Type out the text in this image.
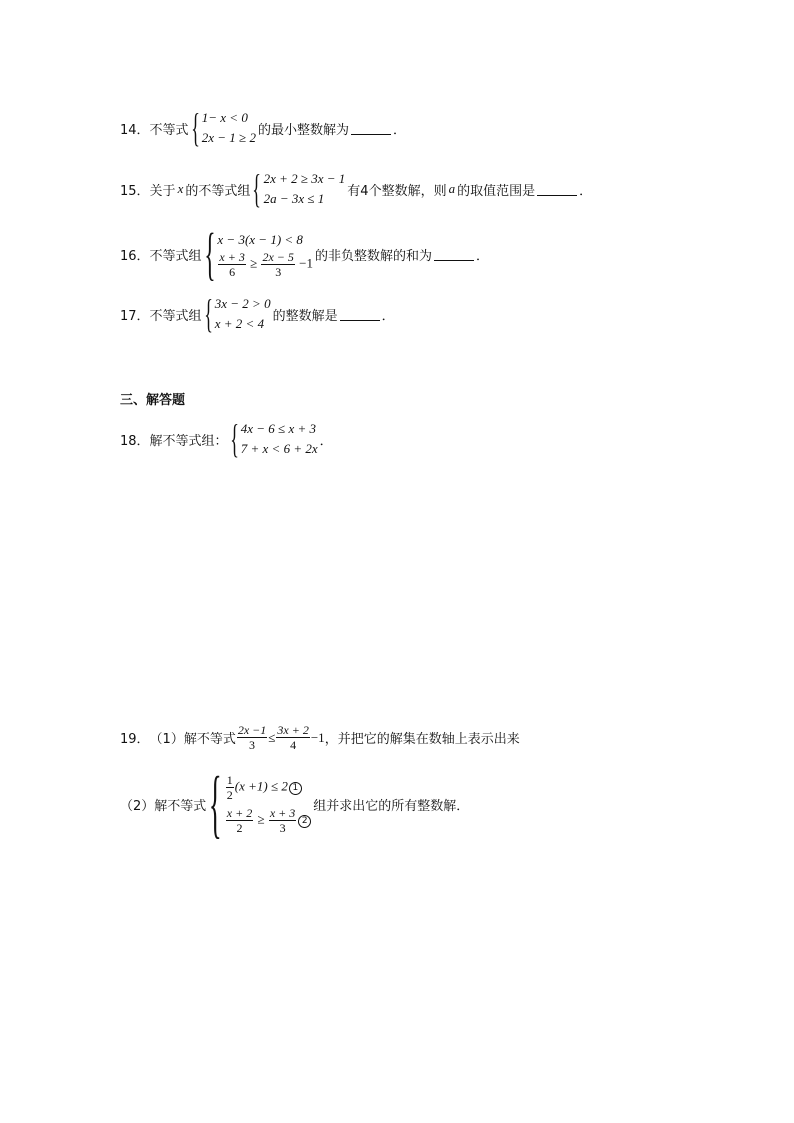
14． 不等式 { 1− x < 0
2x − 1 ≥ 2 的最小整数解为	．
15． 关于 x 的不等式组 { 2x + 2 ≥ 3x − 1
2a − 3x ≤ 1	有4个整数解，则 a 的取值范围是	．
16． 不等式组 { x − 3(x − 1) < 8
$\frac{x + 3}{6} \ge \frac{2x - 5}{3} -1$ 的非负整数解的和为	．
17． 不等式组 { 3x − 2 > 0
x + 2 < 4 的整数解是	．
三、解答题
18． 解不等式组： { 4x − 6 ≤ x + 3
7 + x < 6 + 2x ．
19． （1）解不等式 $\frac{2x -1}{3} \le \frac{3x + 2}{4} -1$ ，并把它的解集在数轴上表示出来
（2）解不等式 { $\frac{1}{2} (x +1) \le 2$ 1
$\frac{x + 2}{2} \ge \frac{x + 3}{3} 2$
组并求出它的所有整数解．
